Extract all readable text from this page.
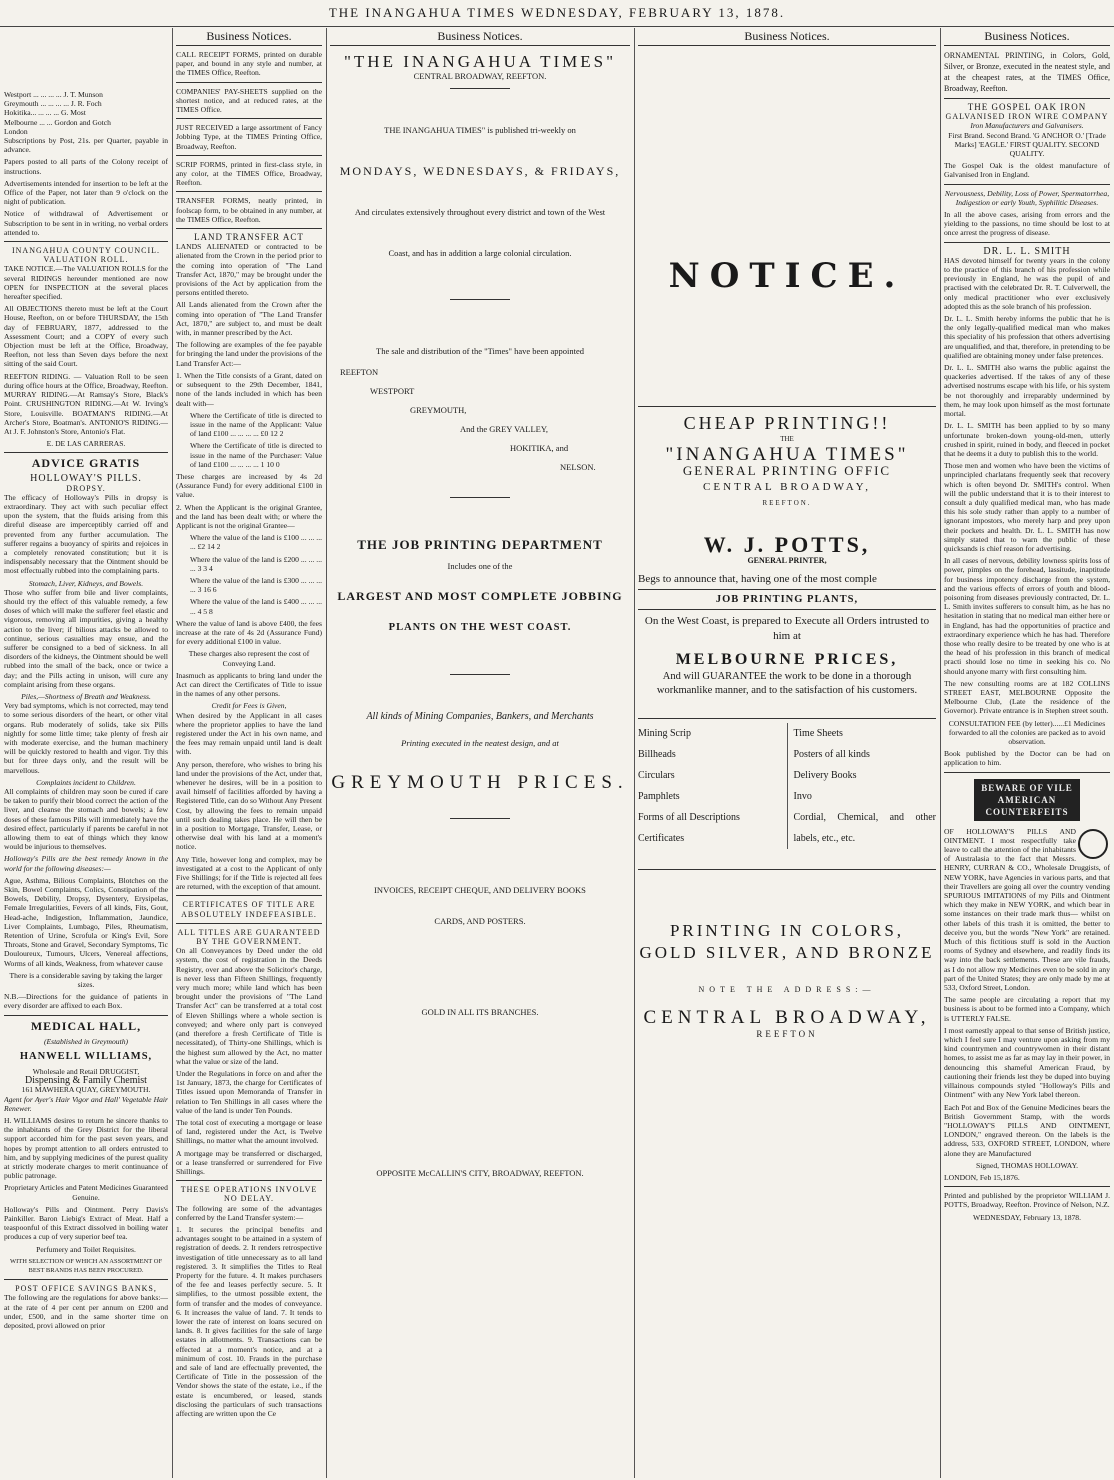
THE INANGAHUA TIMES WEDNESDAY, FEBRUARY 13, 1878.
Westport ... ... ... ... J. T. Munson
Greymouth ... ... ... ... J. R. Foch
Hokitika... ... ... ... G. Most
Melbourne ... ... Gordon and Gotch
London

Subscriptions by Post, 21s. per Quarter, payable in advance.

Papers posted to all parts of the Colony receipt of instructions.

Advertisements intended for insertion to be left at the Office of the Paper, not later than 9 o'clock on the night of publication.

Notice of withdrawal of Advertisement or Subscription to be sent in in writing, no verbal orders attended to.

INANGAHUA COUNTY COUNCIL.
VALUATION ROLL.

TAKE NOTICE.—The VALUATION ROLLS for the several RIDINGS hereunder mentioned are now OPEN for INSPECTION at the several places hereafter specified.

All OBJECTIONS thereto must be left at the Court House, Reefton, on or before THURSDAY, the 15th day of FEBRUARY, 1877, addressed to the Assessment Court; and a COPY of every such Objection must be left at the Office, Broadway, Reefton, not less than Seven days before the next sitting of the said Court.

REEFTON RIDING. — Valuation Roll to be seen during office hours at the Office, Broadway, Reefton. MURRAY RIDING.—At Ramsay's Store, Black's Point. CRUSHINGTON RIDING.—At W. Irving's Store, Louisville. BOATMAN'S RIDING.—At Archer's Store, Boatman's. ANTONIO'S RIDING.—At J. F. Johnston's Store, Antonio's Flat.

E. DE LAS CARRERAS.
ADVICE GRATIS
HOLLOWAY'S PILLS.
DROPSY.

The efficacy of Holloway's Pills in dropsy is extraordinary. They act with such peculiar effect upon the system, that the fluids arising from this direful disease are imperceptibly carried off and prevented from any further accumulation. The sufferer regains a buoyancy of spirits and rejoices in a completely renovated constitution; but it is indispensably necessary that the Ointment should be most effectually rubbed into the complaining parts.

Stomach, Liver, Kidneys, and Bowels.

Those who suffer from bile and liver complaints, should try the effect of this valuable remedy, a few doses of which will make the sufferer feel elastic and vigorous, removing all impurities, giving a healthy action to the liver; if bilious attacks be allowed to continue, serious casualties may ensue, and the sufferer be consigned to a bed of sickness. In all disorders of the kidneys, the Ointment should be well rubbed into the small of the back, once or twice a day; and the Pills acting in unison, will cure any complaint arising from these organs.

Piles,—Shortness of Breath and Weakness.

Very bad symptoms, which is not corrected, may tend to some serious disorders of the heart, or other vital organs. Rub moderately of solids, take six Pills nightly for some little time; take plenty of fresh air with moderate exercise, and the human machinery will be quickly restored to health and vigor. Try this but for three days only, and the result will be marvellous.

Complaints incident to Children.

All complaints of children may soon be cured if care be taken to purify their blood correct the action of the liver, and cleanse the stomach and bowels; a few doses of these famous Pills will immediately have the desired effect, particularly if parents be careful in not allowing them to eat of things which they know would be injurious to themselves.

Holloway's Pills are the best remedy known in the world for the following diseases:—

Ague, Asthma, Bilious Complaints, Blotches on the Skin, Bowel Complaints, Colics, Constipation of the Bowels, Debility, Dropsy, Dysentery, Erysipelas, Female Irregularities, Fevers of all kinds, Fits, Gout, Head-ache, Indigestion, Inflammation, Jaundice, Liver Complaints, Lumbago, Piles, Rheumatism, Retention of Urine, Scrofula or King's Evil, Sore Throats, Stone and Gravel, Secondary Symptoms, Tic Douloureux, Tumours, Ulcers, Venereal affections, Worms of all kinds, Weakness, from whatever cause

There is a considerable saving by taking the larger sizes.

N.B.—Directions for the guidance of patients in every disorder are affixed to each Box.

MEDICAL HALL,
(Established in Greymouth)
HANWELL WILLIAMS,
Wholesale and Retail DRUGGIST,
Dispensing & Family Chemist
161 MAWHERA QUAY, GREYMOUTH.

Agent for Ayer's Hair Vigor and Hall' Vegetable Hair Renewer.

H. WILLIAMS desires to return he sincere thanks to the inhabitants of the Grey District for the liberal support accorded him for the past seven years, and hopes by prompt attention to all orders entrusted to him, and by supplying medicines of the purest quality at strictly moderate charges to merit continuance of public patronage.

Proprietary Articles and Patent Medicines Guaranteed Genuine.

Holloway's Pills and Ointment. Perry Davis's Painkiller. Baron Liebig's Extract of Meat. Half a teaspoonful of this Extract dissolved in boiling water produces a cup of very superior beef tea.

Perfumery and Toilet Requisites.

WITH SELECTION OF WHICH AN ASSORTMENT OF BEST BRANDS HAS BEEN PROCURED.

POST OFFICE SAVINGS BANKS,

The following are the regulations for above banks:— at the rate of 4 per cent per annum on £200 and under, £500, and in the same shorter time on deposited, provi allowed on prior

Business Notices.

CALL RECEIPT FORMS, printed on durable paper, and bound in any style and number, at the TIMES Office, Reefton.

COMPANIES' PAY-SHEETS supplied on the shortest notice, and at reduced rates, at the TIMES Office.

JUST RECEIVED a large assortment of Fancy Jobbing Type, at the TIMES Printing Office, Broadway, Reefton.

SCRIP FORMS, printed in first-class style, in any color, at the TIMES Office, Broadway, Reefton.

TRANSFER FORMS, neatly printed, in foolscap form, to be obtained in any number, at the TIMES Office, Reefton.

LAND TRANSFER ACT

LANDS ALIENATED or contracted to be alienated from the Crown in the period prior to the coming into operation of "The Land Transfer Act, 1870," may be brought under the provisions of the Act by application from the persons entitled thereto.

All Lands alienated from the Crown after the coming into operation of "The Land Transfer Act, 1870," are subject to, and must be dealt with, in manner prescribed by the Act.

The following are examples of the fee payable for bringing the land under the provisions of the Land Transfer Act:—

1. When the Title consists of a Grant, dated on or subsequent to the 29th December, 1841, none of the lands included in which has been dealt with—

Where the Certificate of title is directed to issue in the name of the Applicant: Value of land £100 ... ... ... ... £0 12 2

Where the Certificate of title is directed to issue in the name of the Purchaser: Value of land £100 ... ... ... ... 1 10 0

These charges are increased by 4s 2d (Assurance Fund) for every additional £100 in value.

2. When the Applicant is the original Grantee, and the land has been dealt with; or where the Applicant is not the original Grantee—

Where the value of the land is £100 ... ... ... ... £2 14 2

Where the value of the land is £200 ... ... ... ... 3 3 4

Where the value of the land is £300 ... ... ... ... 3 16 6

Where the value of the land is £400 ... ... ... ... 4 5 8

Where the value of land is above £400, the fees increase at the rate of 4s 2d (Assurance Fund) for every additional £100 in value.

These charges also represent the cost of Conveying Land.

Inasmuch as applicants to bring land under the Act can direct the Certificates of Title to issue in the names of any other persons.

Credit for Fees is Given,

When desired by the Applicant in all cases where the proprietor applies to have the land registered under the Act in his own name, and the fees may remain unpaid until land is dealt with.

Any person, therefore, who wishes to bring his land under the provisions of the Act, under that, whenever he desires, will be in a position to avail himself of facilities afforded by having a Registered Title, can do so Without Any Present Cost, by allowing the fees to remain unpaid until such dealing takes place. He will then be in a position to Mortgage, Transfer, Lease, or otherwise deal with his land at a moment's notice.

Any Title, however long and complex, may be investigated at a cost to the Applicant of only Five Shillings; for if the Title is rejected all fees are returned, with the exception of that amount.

CERTIFICATES OF TITLE ARE ABSOLUTELY INDEFEASIBLE.
ALL TITLES ARE GUARANTEED BY THE GOVERNMENT.

On all Conveyances by Deed under the old system, the cost of registration in the Deeds Registry, over and above the Solicitor's charge, is never less than Fifteen Shillings, frequently very much more; while land which has been brought under the provisions of "The Land Transfer Act" can be transferred at a total cost of Eleven Shillings where a whole section is conveyed; and where only part is conveyed (and therefore a fresh Certificate of Title is necessitated), of Thirty-one Shillings, which is the highest sum allowed by the Act, no matter what the value or size of the land.

Under the Regulations in force on and after the 1st January, 1873, the charge for Certificates of Titles issued upon Memoranda of Transfer in relation to Ten Shillings in all cases where the value of the land is under Ten Pounds.

The total cost of executing a mortgage or lease of land, registered under the Act, is Twelve Shillings, no matter what the amount involved.

A mortgage may be transferred or discharged, or a lease transferred or surrendered for Five Shillings.

THESE OPERATIONS INVOLVE NO DELAY.

The following are some of the advantages conferred by the Land Transfer system:—

1. It secures the principal benefits and advantages sought to be attained in a system of registration of deeds. 2. It renders retrospective investigation of title unnecessary as to all land registered. 3. It simplifies the Titles to Real Property for the future. 4. It makes purchasers of the fee and leases perfectly secure. 5. It simplifies, to the utmost possible extent, the form of transfer and the modes of conveyance. 6. It increases the value of land. 7. It tends to lower the rate of interest on loans secured on lands. 8. It gives facilities for the sale of large estates in allotments. 9. Transactions can be effected at a moment's notice, and at a minimum of cost. 10. Frauds in the purchase and sale of land are effectually prevented, the Certificate of Title in the possession of the Vendor shows the state of the estate, i.e., if the estate is encumbered, or leased, stands disclosing the particulars of such transactions affecting are written upon the Ce

Business Notices.
"THE INANGAHUA TIMES"
CENTRAL BROADWAY, REEFTON.
THE INANGAHUA TIMES" is published tri-weekly on
MONDAYS, WEDNESDAYS, & FRIDAYS,
And circulates extensively throughout every district and town of the West
Coast, and has in addition a large colonial circulation.
The sale and distribution of the "Times" have been appointed
REEFTON
WESTPORT
GREYMOUTH,
And the GREY VALLEY,
HOKITIKA, and
NELSON.
THE JOB PRINTING DEPARTMENT
Includes one of the
LARGEST AND MOST COMPLETE JOBBING
PLANTS ON THE WEST COAST.
All kinds of Mining Companies, Bankers, and Merchants
Printing executed in the neatest design, and at
GREYMOUTH PRICES.
INVOICES, RECEIPT CHEQUE, AND DELIVERY BOOKS
CARDS, AND POSTERS.
GOLD IN ALL ITS BRANCHES.
OPPOSITE McCALLIN'S CITY, BROADWAY, REEFTON.
Business Notices.
NOTICE.
CHEAP PRINTING!!
THE
"INANGAHUA TIMES"
GENERAL PRINTING OFFIC
CENTRAL BROADWAY,
REEFTON.
W. J. POTTS,
GENERAL PRINTER,
Begs to announce that, having one of the most comple
JOB PRINTING PLANTS,
On the West Coast, is prepared to Execute all Orders intrusted to him at
MELBOURNE PRICES,
And will GUARANTEE the work to be done in a thorough workmanlike manner, and to the satisfaction of his customers.
Mining Scrip
Billheads
Circulars
Pamphlets
Forms of all Descriptions
Certificates
Time Sheets
Posters of all kinds
Delivery Books
Invo
Cordial, Chemical, and other labels, etc., etc.
PRINTING IN COLORS, GOLD SILVER, AND BRONZE
NOTE THE ADDRESS:—
CENTRAL BROADWAY,
REEFTON
Business Notices.

ORNAMENTAL PRINTING, in Colors, Gold, Silver, or Bronze, executed in the neatest style, and at the cheapest rates, at the TIMES Office, Broadway, Reefton.

THE GOSPEL OAK IRON
GALVANISED IRON WIRE COMPANY
Iron Manufacturers and Galvanisers.

First Brand. Second Brand. 'G ANCHOR O.' [Trade Marks] 'EAGLE.' FIRST QUALITY. SECOND QUALITY.

The Gospel Oak is the oldest manufacture of Galvanised Iron in England.

Nervousness, Debility, Loss of Power, Spermatorrhea, Indigestion or early Youth, Syphilitic Diseases.

In all the above cases, arising from errors and the yielding to the passions, no time should be lost to at once arrest the progress of disease.

DR. L. L. SMITH

HAS devoted himself for twenty years in the colony to the practice of this branch of his profession while previously in England, he was the pupil of and practised with the celebrated Dr. R. T. Culverwell, the only medical practitioner who ever exclusively adopted this as the sole branch of his profession.

Dr. L. L. Smith hereby informs the public that he is the only legally-qualified medical man who makes this speciality of his profession that others advertising are unqualified, and that, therefore, in pretending to be qualified are obtaining money under false pretences.

Dr. L. L. SMITH also warns the public against the quackeries advertised. If the takes of any of these advertised nostrums escape with his life, or his system be not thoroughly and irreparably undermined by them, he may look upon himself as the most fortunate mortal.

Dr. L. L. SMITH has been applied to by so many unfortunate broken-down young-old-men, utterly crushed in spirit, ruined in body, and fleeced in pocket that he deems it a duty to publish this to the world.

Those men and women who have been the victims of unprincipled charlatans frequently seek that recovery which is often beyond Dr. SMITH's control. When will the public understand that it is to their interest to consult a duly qualified medical man, who has made this his sole study rather than apply to a number of ignorant impostors, who merely harp and prey upon their pockets and health. Dr. L. L. SMITH has now simply stated that to warn the public of these quicksands is chief reason for advertising.

In all cases of nervous, debility lowness spirits loss of power, pimples on the forehead, lassitude, inaptitude for business impotency discharge from the system, and the various effects of errors of youth and blood-poisoning from diseases previously contracted, Dr. L. L. Smith invites sufferers to consult him, as he has no hesitation in stating that no medical man either here or in England, has had the opportunities of practice and extraordinary experience which he has had. Therefore those who really desire to be treated by one who is at the head of his profession in this branch of medical practi should lose no time in seeking his co. No should anyone marry with first consulting him.

The new consulting rooms are at 182 COLLINS STREET EAST, MELBOURNE Opposite the Melbourne Club, (Late the residence of the Governor). Private entrance is in Stephen street south.

CONSULTATION FEE (by letter)......£1 Medicines forwarded to all the colonies are packed as to avoid observation.

Book published by the Doctor can be had on application to him.

BEWARE OF VILE AMERICAN COUNTERFEITS

OF HOLLOWAY'S PILLS AND OINTMENT. I most respectfully take leave to call the attention of the inhabitants of Australasia to the fact that Messrs. HENRY, CURRAN & CO., Wholesale Druggists, of NEW YORK, have Agencies in various parts, and that their Travellers are going all over the country vending SPURIOUS IMITATIONS of my Pills and Ointment which they make in NEW YORK, and which bear in some instances on their trade mark thus— whilst on other labels of this trash it is omitted, the better to deceive you, but the words "New York" are retained. Much of this fictitious stuff is sold in the Auction rooms of Sydney and elsewhere, and readily finds its way into the back settlements. These are vile frauds, as I do not allow my Medicines even to be sold in any part of the United States; they are only made by me at 533, Oxford Street, London.

The same people are circulating a report that my business is about to be formed into a Company, which is UTTERLY FALSE.

I most earnestly appeal to that sense of British justice, which I feel sure I may venture upon asking from my kind countrymen and countrywomen in their distant homes, to assist me as far as may lay in their power, in denouncing this shameful American Fraud, by cautioning their friends lest they be duped into buying villainous compounds styled "Holloway's Pills and Ointment" with any New York label thereon.

Each Pot and Box of the Genuine Medicines bears the British Government Stamp, with the words "HOLLOWAY'S PILLS AND OINTMENT, LONDON," engraved thereon. On the labels is the address, 533, OXFORD STREET, LONDON, where alone they are Manufactured

Signed, THOMAS HOLLOWAY.

LONDON, Feb 15,1876.

Printed and published by the proprietor WILLIAM J. POTTS, Broadway, Reefton. Province of Nelson, N.Z.

WEDNESDAY, February 13, 1878.
